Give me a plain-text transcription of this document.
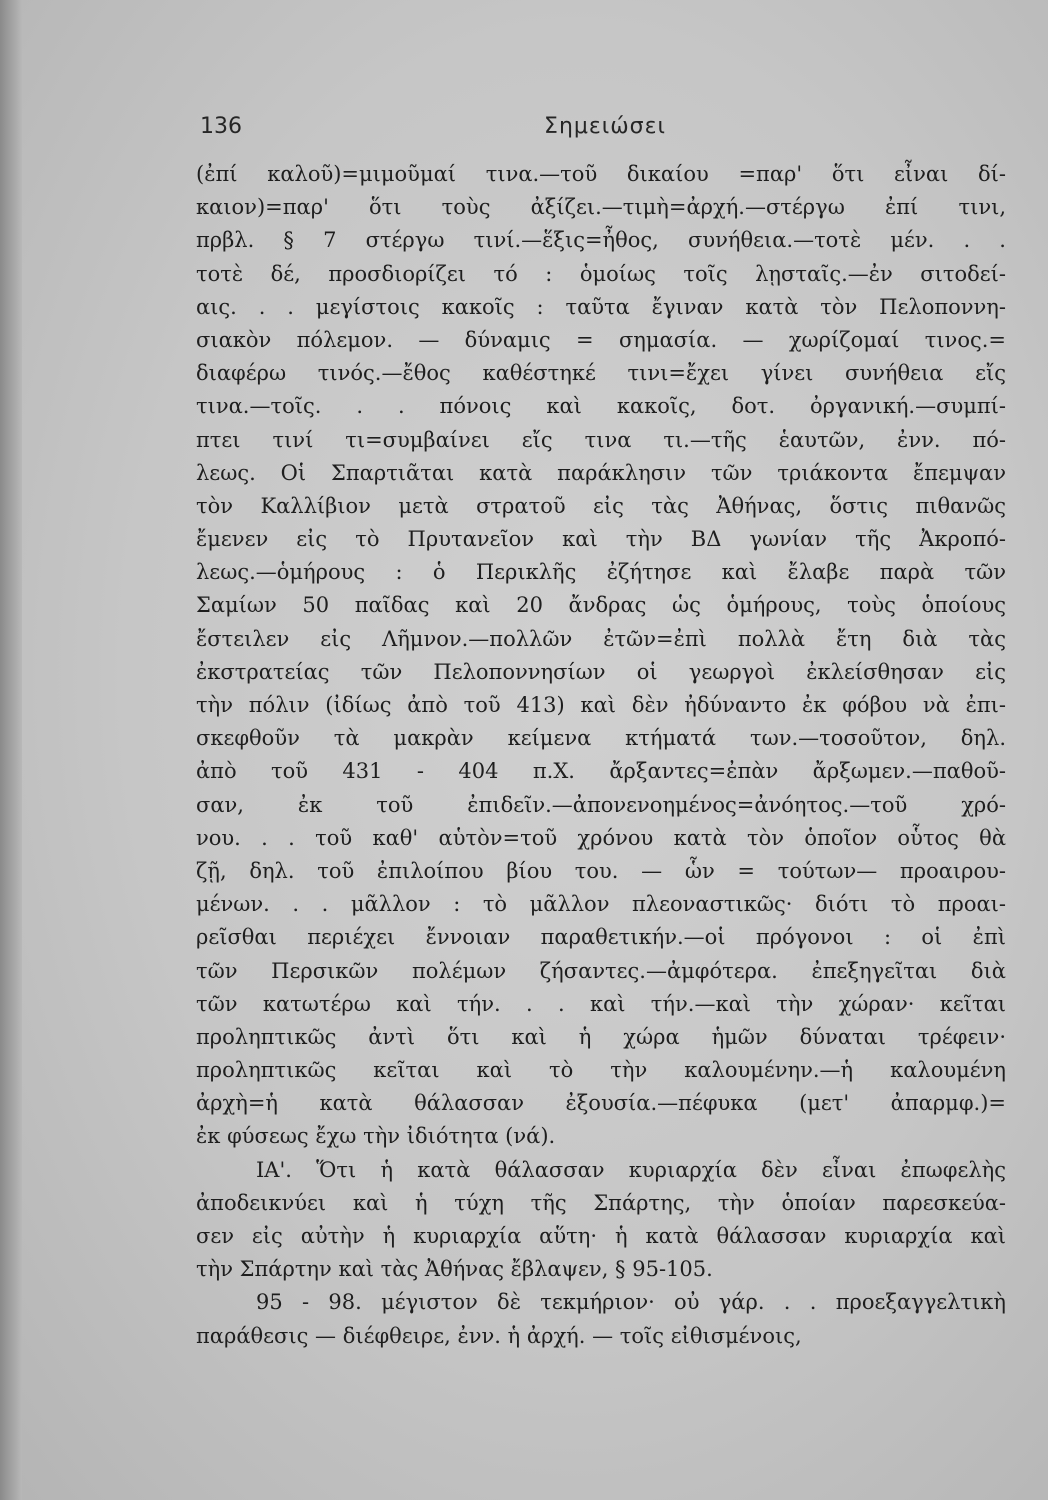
136	Σημειώσει
(ἐπί καλοῦ)=μιμοῦμαί τινα.—τοῦ δικαίου =παρ' ὅτι εἶναι δί-
καιον)=παρ' ὅτι τοὺς ἀξίζει.—τιμὴ=ἀρχή.—στέργω ἐπί τινι,
πρβλ. § 7 στέργω τινί.—ἕξις=ἦθος, συνήθεια.—τοτὲ μέν. . .
τοτὲ δέ, προσδιορίζει τό : ὁμοίως τοῖς λῃσταῖς.—ἐν σιτοδεί-
αις. . . μεγίστοις κακοῖς : ταῦτα ἔγιναν κατὰ τὸν Πελοποννη-
σιακὸν πόλεμον. — δύναμις = σημασία. — χωρίζομαί τινος.=
διαφέρω τινός.—ἔθος καθέστηκέ τινι=ἔχει γίνει συνήθεια εἴς
τινα.—τοῖς. . . πόνοις καὶ κακοῖς, δοτ. ὀργανική.—συμπί-
πτει τινί τι=συμβαίνει εἴς τινα τι.—τῆς ἑαυτῶν, ἐνν. πό-
λεως. Οἱ Σπαρτιᾶται κατὰ παράκλησιν τῶν τριάκοντα ἔπεμψαν
τὸν Καλλίβιον μετὰ στρατοῦ εἰς τὰς Ἀθήνας, ὅστις πιθανῶς
ἔμενεν εἰς τὸ Πρυτανεῖον καὶ τὴν ΒΔ γωνίαν τῆς Ἀκροπό-
λεως.—ὁμήρους : ὁ Περικλῆς ἐζήτησε καὶ ἔλαβε παρὰ τῶν
Σαμίων 50 παῖδας καὶ 20 ἄνδρας ὡς ὁμήρους, τοὺς ὁποίους
ἔστειλεν εἰς Λῆμνον.—πολλῶν ἐτῶν=ἐπὶ πολλὰ ἔτη διὰ τὰς
ἐκστρατείας τῶν Πελοποννησίων οἱ γεωργοὶ ἐκλείσθησαν εἰς
τὴν πόλιν (ἰδίως ἀπὸ τοῦ 413) καὶ δὲν ἠδύναντο ἐκ φόβου νὰ ἐπι-
σκεφθοῦν τὰ μακρὰν κείμενα κτήματά των.—τοσοῦτον, δηλ.
ἀπὸ τοῦ 431 - 404 π.Χ. ἄρξαντες=ἐπὰν ἄρξωμεν.—παθοῦ-
σαν, ἐκ τοῦ ἐπιδεῖν.—ἀπονενοημένος=ἀνόητος.—τοῦ χρό-
νου. . . τοῦ καθ' αὑτὸν=τοῦ χρόνου κατὰ τὸν ὁποῖον οὗτος θὰ
ζῇ, δηλ. τοῦ ἐπιλοίπου βίου του. — ὧν = τούτων— προαιρου-
μένων. . . μᾶλλον : τὸ μᾶλλον πλεοναστικῶς· διότι τὸ προαι-
ρεῖσθαι περιέχει ἔννοιαν παραθετικήν.—οἱ πρόγονοι : οἱ ἐπὶ
τῶν Περσικῶν πολέμων ζήσαντες.—ἀμφότερα. ἐπεξηγεῖται διὰ
τῶν κατωτέρω καὶ τήν. . . καὶ τήν.—καὶ τὴν χώραν· κεῖται
προληπτικῶς ἀντὶ ὅτι καὶ ἡ χώρα ἡμῶν δύναται τρέφειν·
προληπτικῶς κεῖται καὶ τὸ τὴν καλουμένην.—ἡ καλουμένη
ἀρχὴ=ἡ κατὰ θάλασσαν ἐξουσία.—πέφυκα (μετ' ἀπαρμφ.)=
ἐκ φύσεως ἔχω τὴν ἰδιότητα (νά).
ΙΑ'. Ὅτι ἡ κατὰ θάλασσαν κυριαρχία δὲν εἶναι ἐπωφελὴς
ἀποδεικνύει καὶ ἡ τύχη τῆς Σπάρτης, τὴν ὁποίαν παρεσκεύα-
σεν εἰς αὐτὴν ἡ κυριαρχία αὕτη· ἡ κατὰ θάλασσαν κυριαρχία καὶ
τὴν Σπάρτην καὶ τὰς Ἀθήνας ἔβλαψεν, § 95-105.
95 - 98. μέγιστον δὲ τεκμήριον· οὐ γάρ. . . προεξαγγελτικὴ
παράθεσις — διέφθειρε, ἐνν. ἡ ἀρχή. — τοῖς εἰθισμένοις,
